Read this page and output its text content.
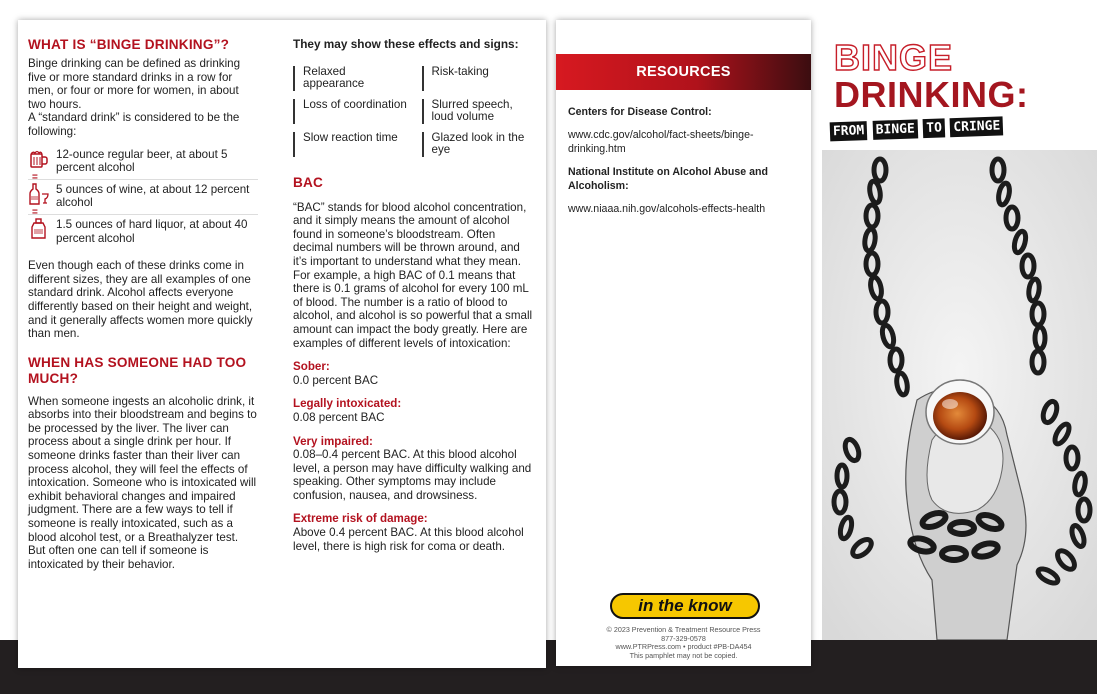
WHAT IS “BINGE DRINKING”?
Binge drinking can be defined as drinking five or more standard drinks in a row for men, or four or more for women, in about two hours.
A “standard drink” is considered to be the following:
12-ounce regular beer, at about 5 percent alcohol
=
5 ounces of wine, at about 12 percent alcohol
=
1.5 ounces of hard liquor, at about 40 percent alcohol
Even though each of these drinks come in different sizes, they are all examples of one standard drink. Alcohol affects everyone differently based on their height and weight, and it generally affects women more quickly than men.
WHEN HAS SOMEONE HAD TOO MUCH?
When someone ingests an alcoholic drink, it absorbs into their bloodstream and begins to be processed by the liver. The liver can process about a single drink per hour. If someone drinks faster than their liver can process alcohol, they will feel the effects of intoxication. Someone who is intoxicated will exhibit behavioral changes and impaired judgment. There are a few ways to tell if someone is really intoxicated, such as a blood alcohol test, or a Breathalyzer test. But often one can tell if someone is intoxicated by their behavior.
They may show these effects and signs:
Relaxed appearance
Risk-taking
Loss of coordination	Slurred speech, loud volume
Slow reaction time	Glazed look in the eye
BAC
“BAC” stands for blood alcohol concentration, and it simply means the amount of alcohol found in someone’s bloodstream. Often decimal numbers will be thrown around, and it’s important to understand what they mean. For example, a high BAC of 0.1 means that there is 0.1 grams of alcohol for every 100 mL of blood. The number is a ratio of blood to alcohol, and alcohol is so powerful that a small amount can impact the body greatly. Here are examples of different levels of intoxication:
Sober:
0.0 percent BAC
Legally intoxicated:
0.08 percent BAC
Very impaired:
0.08–0.4 percent BAC. At this blood alcohol level, a person may have difficulty walking and speaking. Other symptoms may include confusion, nausea, and drowsiness.
Extreme risk of damage:
Above 0.4 percent BAC. At this blood alcohol level, there is high risk for coma or death.
RESOURCES
Centers for Disease Control:
www.cdc.gov/alcohol/fact-sheets/binge-drinking.htm
National Institute on Alcohol Abuse and Alcoholism:
www.niaaa.nih.gov/alcohols-effects-health
in the know
© 2023 Prevention & Treatment Resource Press
877-329-0578
www.PTRPress.com • product #PB-DA454
This pamphlet may not be copied.
BINGE
DRINKING:
FROM BINGE TO CRINGE
